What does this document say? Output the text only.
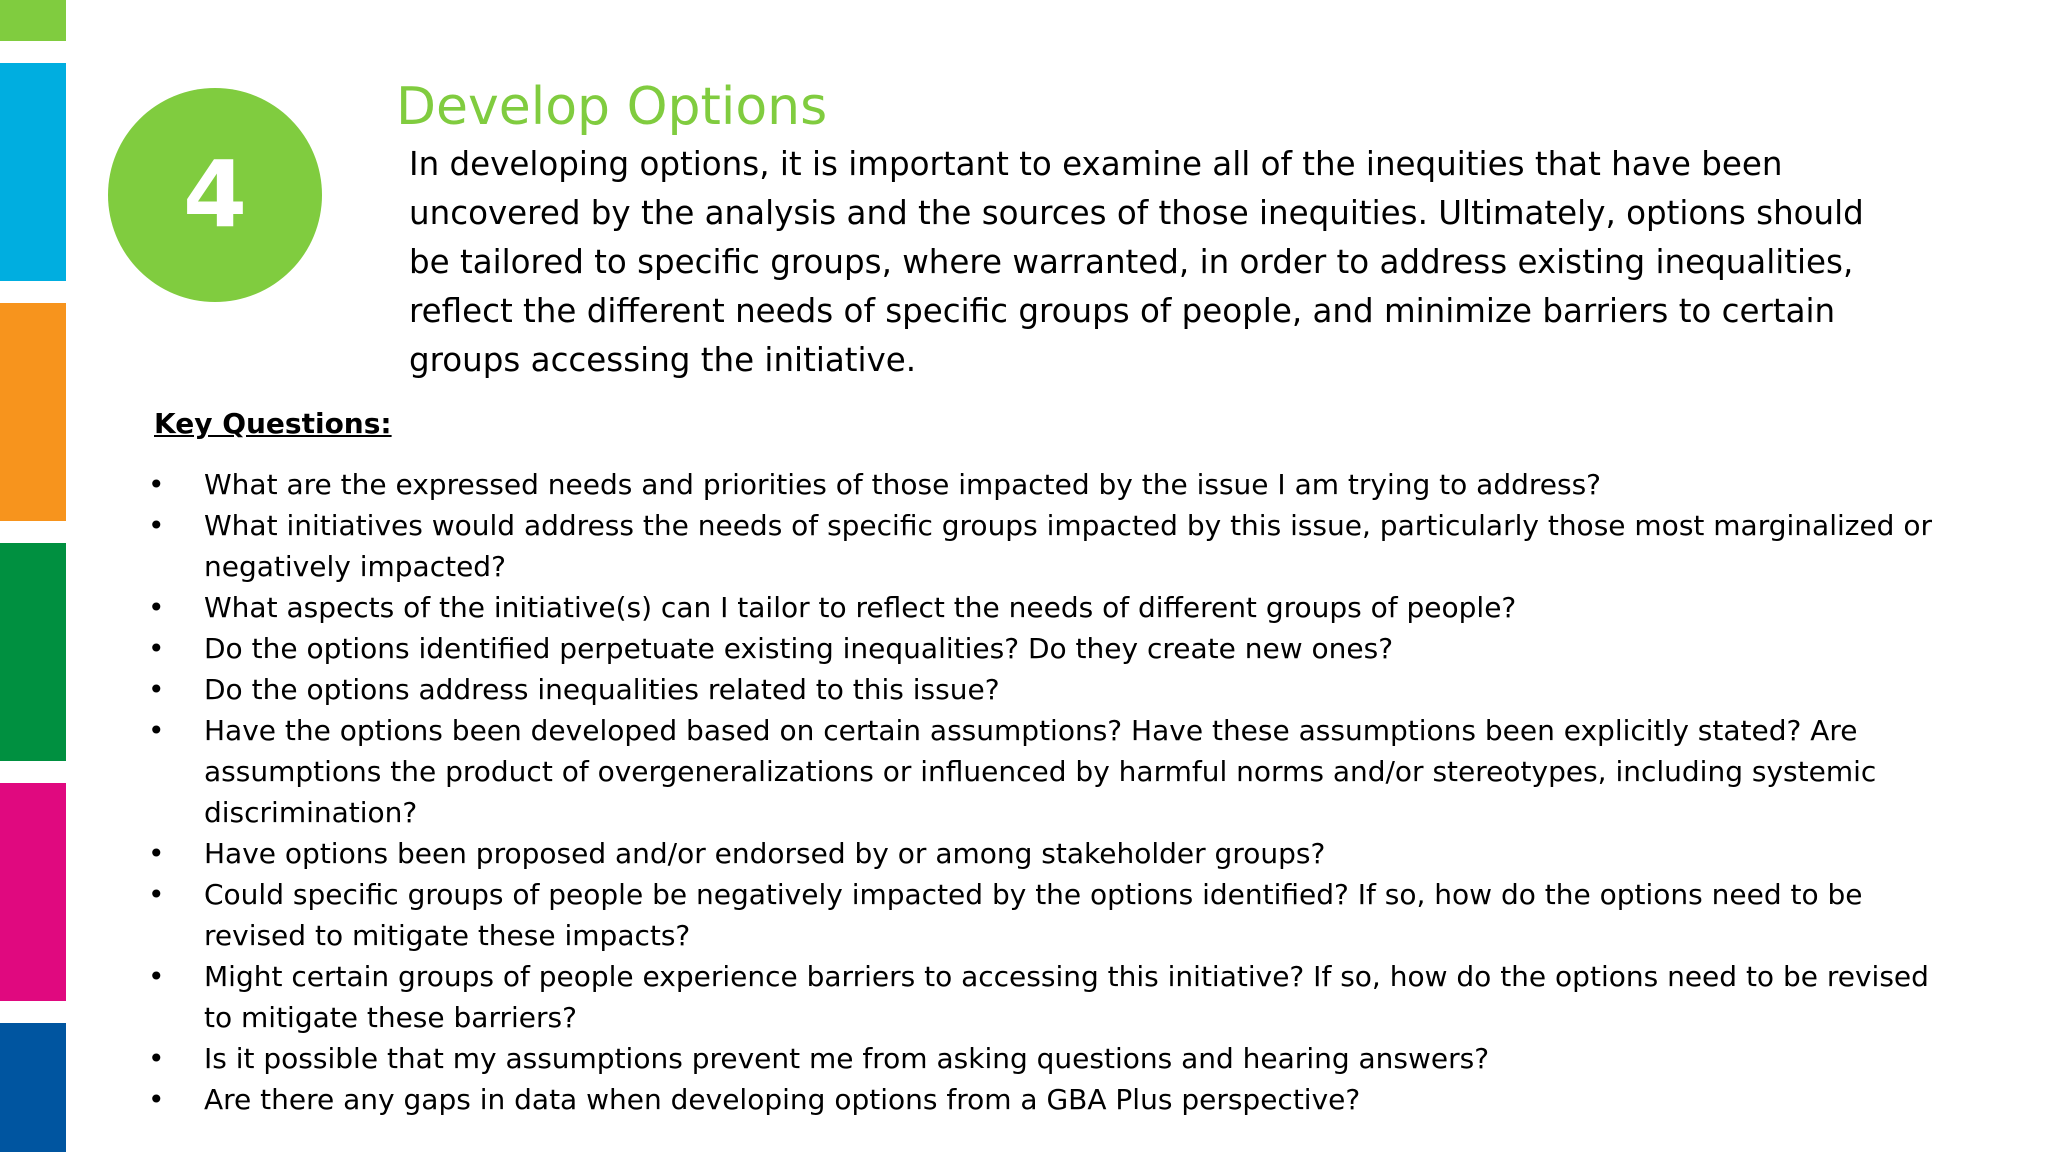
4
Develop Options

In developing options, it is important to examine all of the inequities that have been uncovered by the analysis and the sources of those inequities. Ultimately, options should be tailored to specific groups, where warranted, in order to address existing inequalities, reflect the different needs of specific groups of people, and minimize barriers to certain groups accessing the initiative.

Key Questions:
•	What are the expressed needs and priorities of those impacted by the issue I am trying to address?
•	What initiatives would address the needs of specific groups impacted by this issue, particularly those most marginalized or negatively impacted?
•	What aspects of the initiative(s) can I tailor to reflect the needs of different groups of people?
•	Do the options identified perpetuate existing inequalities? Do they create new ones?
•	Do the options address inequalities related to this issue?
•	Have the options been developed based on certain assumptions? Have these assumptions been explicitly stated? Are assumptions the product of overgeneralizations or influenced by harmful norms and/or stereotypes, including systemic discrimination?
•	Have options been proposed and/or endorsed by or among stakeholder groups?
•	Could specific groups of people be negatively impacted by the options identified? If so, how do the options need to be revised to mitigate these impacts?
•	Might certain groups of people experience barriers to accessing this initiative? If so, how do the options need to be revised to mitigate these barriers?
•	Is it possible that my assumptions prevent me from asking questions and hearing answers?
•	Are there any gaps in data when developing options from a GBA Plus perspective?
